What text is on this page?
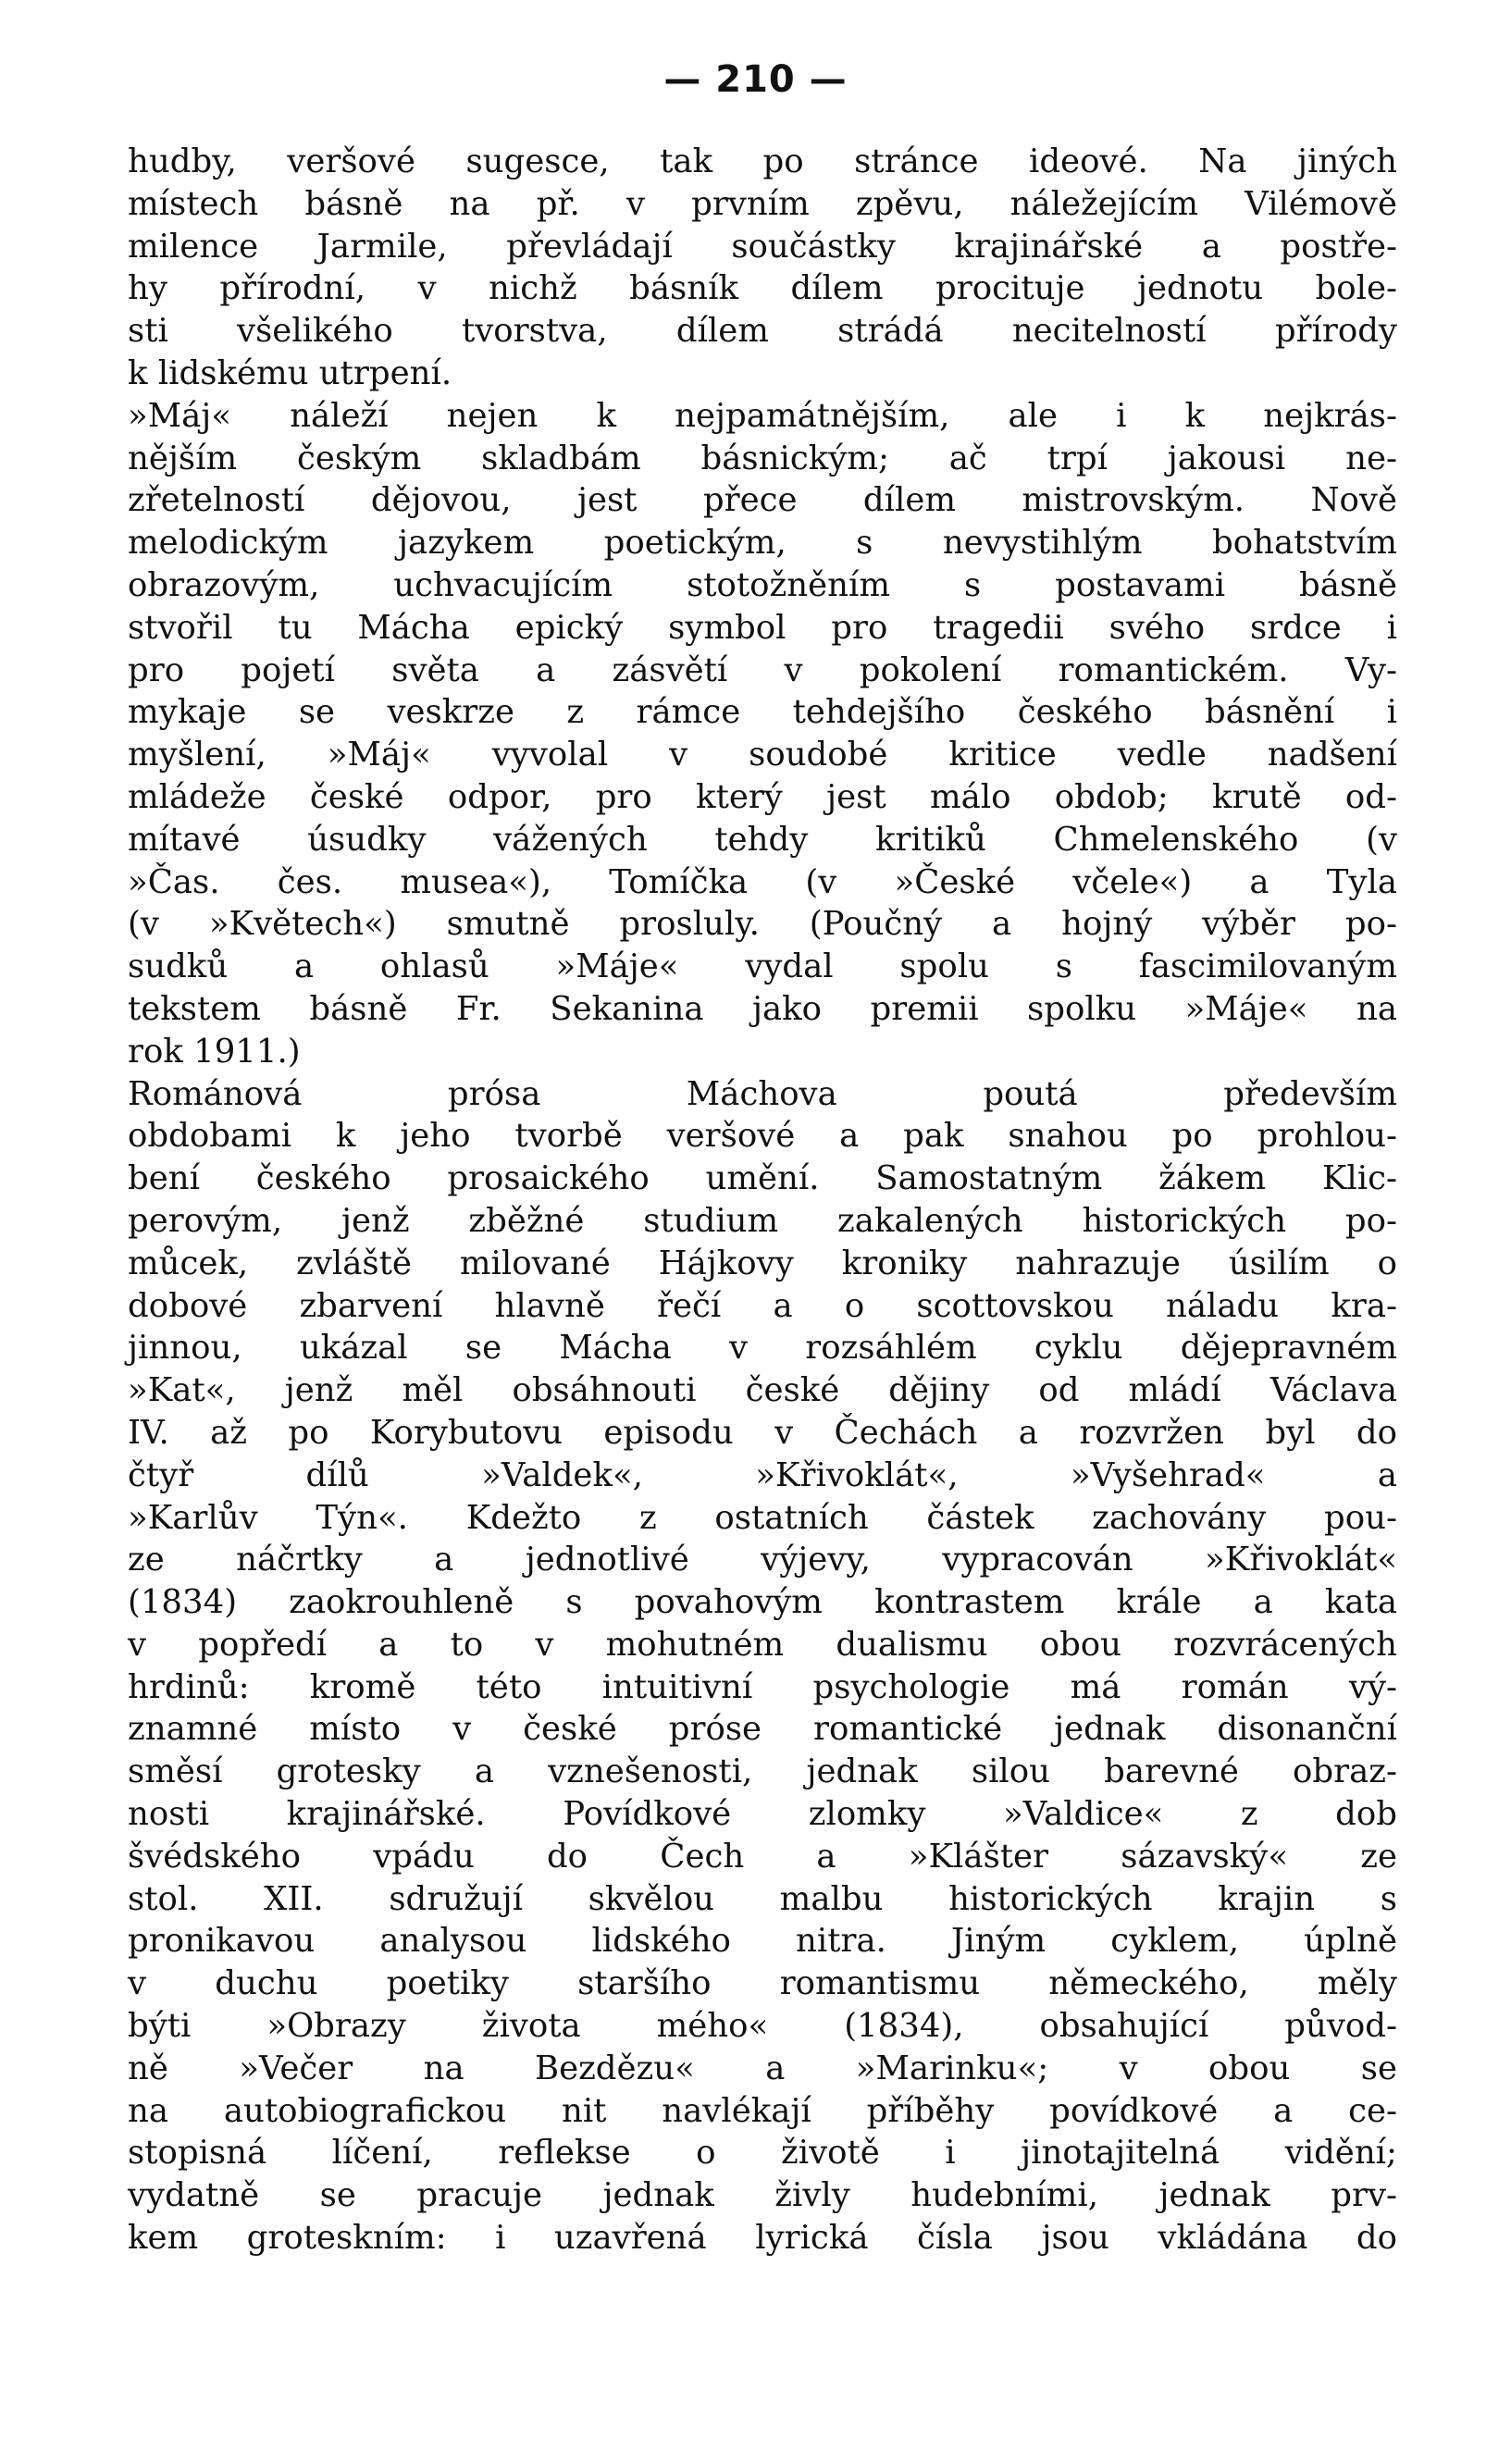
— 210 —
hudby, veršové sugesce, tak po stránce ideové. Na jiných
místech básně na př. v prvním zpěvu, náležejícím Vilémově
milence Jarmile, převládají součástky krajinářské a postře-
hy přírodní, v nichž básník dílem procituje jednotu bole-
sti všelikého tvorstva, dílem strádá necitelností přírody
k lidskému utrpení.
»Máj« náleží nejen k nejpamátnějším, ale i k nejkrás-
nějším českým skladbám básnickým; ač trpí jakousi ne-
zřetelností dějovou, jest přece dílem mistrovským. Nově
melodickým jazykem poetickým, s nevystihlým bohatstvím
obrazovým, uchvacujícím stotožněním s postavami básně
stvořil tu Mácha epický symbol pro tragedii svého srdce i
pro pojetí světa a zásvětí v pokolení romantickém. Vy-
mykaje se veskrze z rámce tehdejšího českého básnění i
myšlení, »Máj« vyvolal v soudobé kritice vedle nadšení
mládeže české odpor, pro který jest málo obdob; krutě od-
mítavé úsudky vážených tehdy kritiků Chmelenského (v
»Čas. čes. musea«), Tomíčka (v »České včele«) a Tyla
(v »Květech«) smutně prosluly. (Poučný a hojný výběr po-
sudků a ohlasů »Máje« vydal spolu s fascimilovaným
tekstem básně Fr. Sekanina jako premii spolku »Máje« na
rok 1911.)
Románová prósa Máchova poutá především
obdobami k jeho tvorbě veršové a pak snahou po prohlou-
bení českého prosaického umění. Samostatným žákem Klic-
perovým, jenž zběžné studium zakalených historických po-
můcek, zvláště milované Hájkovy kroniky nahrazuje úsilím o
dobové zbarvení hlavně řečí a o scottovskou náladu kra-
jinnou, ukázal se Mácha v rozsáhlém cyklu dějepravném
»Kat«, jenž měl obsáhnouti české dějiny od mládí Václava
IV. až po Korybutovu episodu v Čechách a rozvržen byl do
čtyř dílů »Valdek«, »Křivoklát«, »Vyšehrad« a
»Karlův Týn«. Kdežto z ostatních částek zachovány pou-
ze náčrtky a jednotlivé výjevy, vypracován »Křivoklát«
(1834) zaokrouhleně s povahovým kontrastem krále a kata
v popředí a to v mohutném dualismu obou rozvrácených
hrdinů: kromě této intuitivní psychologie má román vý-
znamné místo v české próse romantické jednak disonanční
směsí grotesky a vznešenosti, jednak silou barevné obraz-
nosti krajinářské. Povídkové zlomky »Valdice« z dob
švédského vpádu do Čech a »Klášter sázavský« ze
stol. XII. sdružují skvělou malbu historických krajin s
pronikavou analysou lidského nitra. Jiným cyklem, úplně
v duchu poetiky staršího romantismu německého, měly
býti »Obrazy života mého« (1834), obsahující původ-
ně »Večer na Bezdězu« a »Marinku«; v obou se
na autobiografickou nit navlékají příběhy povídkové a ce-
stopisná líčení, reflekse o životě i jinotajitelná vidění;
vydatně se pracuje jednak živly hudebními, jednak prv-
kem groteskním: i uzavřená lyrická čísla jsou vkládána do
